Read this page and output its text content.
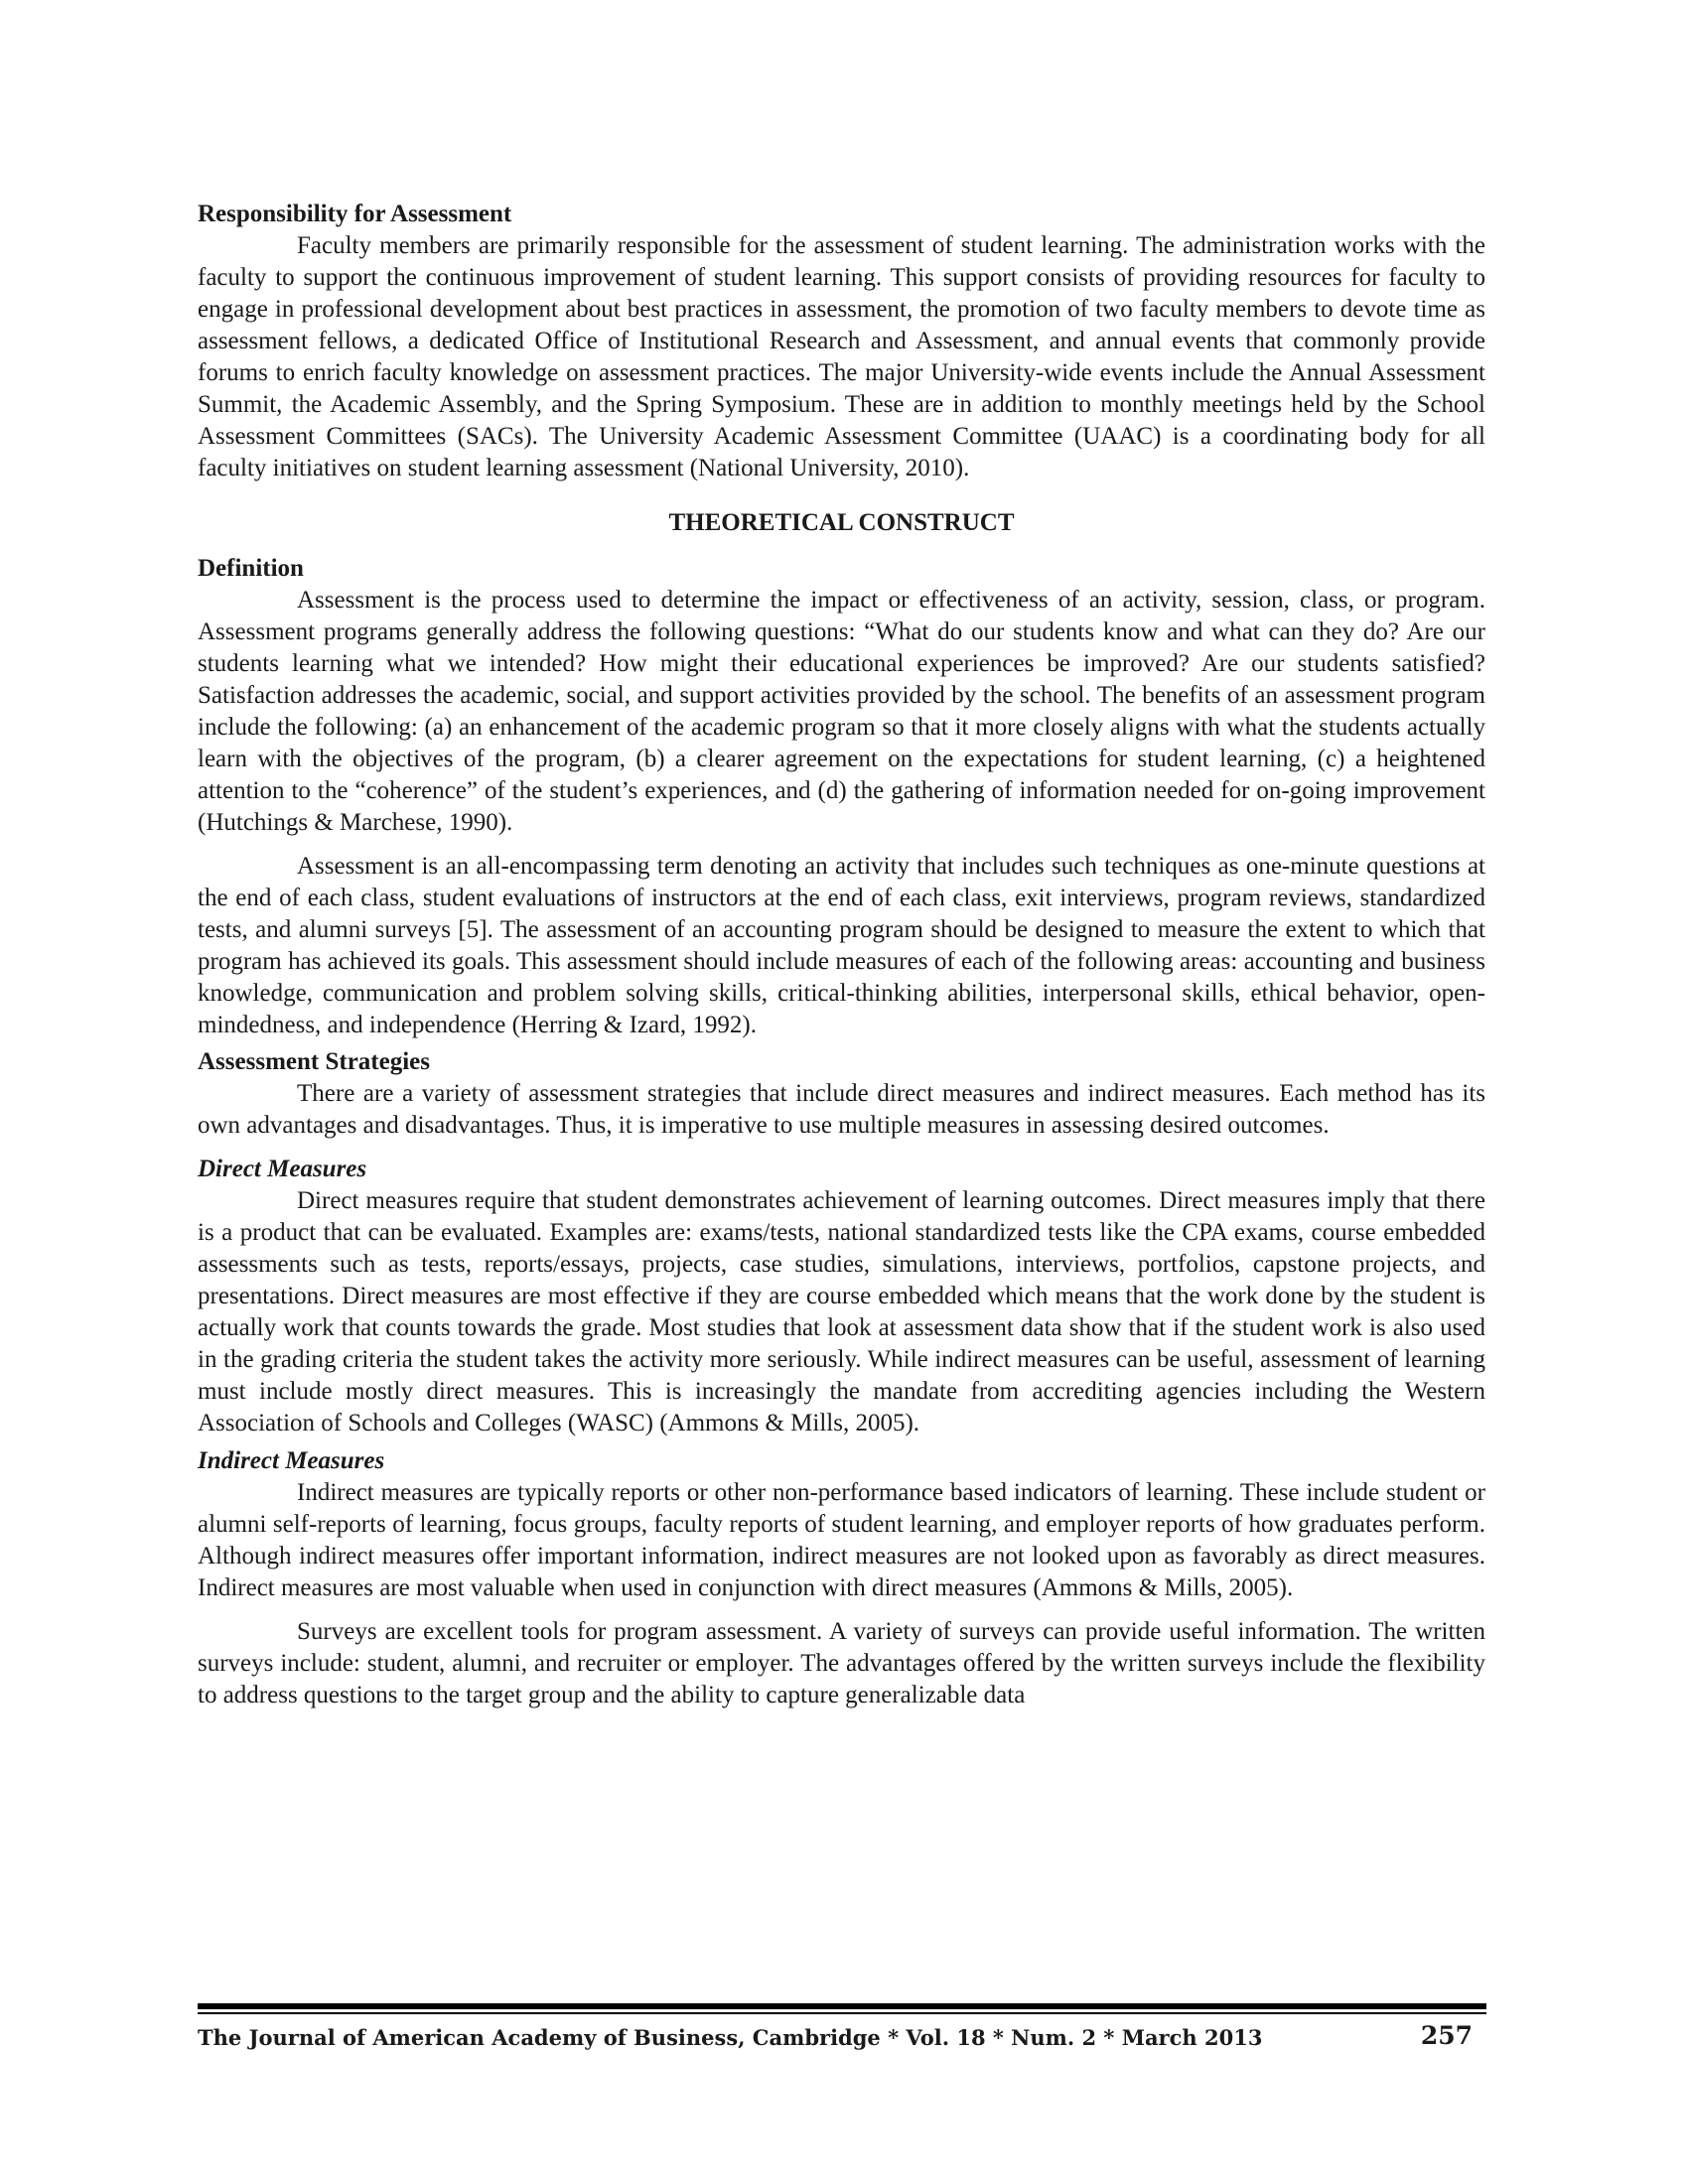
Responsibility for Assessment

Faculty members are primarily responsible for the assessment of student learning. The administration works with the faculty to support the continuous improvement of student learning. This support consists of providing resources for faculty to engage in professional development about best practices in assessment, the promotion of two faculty members to devote time as assessment fellows, a dedicated Office of Institutional Research and Assessment, and annual events that commonly provide forums to enrich faculty knowledge on assessment practices. The major University-wide events include the Annual Assessment Summit, the Academic Assembly, and the Spring Symposium. These are in addition to monthly meetings held by the School Assessment Committees (SACs). The University Academic Assessment Committee (UAAC) is a coordinating body for all faculty initiatives on student learning assessment (National University, 2010).

THEORETICAL CONSTRUCT
Definition

Assessment is the process used to determine the impact or effectiveness of an activity, session, class, or program. Assessment programs generally address the following questions: “What do our students know and what can they do? Are our students learning what we intended? How might their educational experiences be improved? Are our students satisfied? Satisfaction addresses the academic, social, and support activities provided by the school. The benefits of an assessment program include the following: (a) an enhancement of the academic program so that it more closely aligns with what the students actually learn with the objectives of the program, (b) a clearer agreement on the expectations for student learning, (c) a heightened attention to the “coherence” of the student’s experiences, and (d) the gathering of information needed for on-going improvement (Hutchings & Marchese, 1990).

Assessment is an all-encompassing term denoting an activity that includes such techniques as one-minute questions at the end of each class, student evaluations of instructors at the end of each class, exit interviews, program reviews, standardized tests, and alumni surveys [5]. The assessment of an accounting program should be designed to measure the extent to which that program has achieved its goals. This assessment should include measures of each of the following areas: accounting and business knowledge, communication and problem solving skills, critical-thinking abilities, interpersonal skills, ethical behavior, open-mindedness, and independence (Herring & Izard, 1992).

Assessment Strategies

There are a variety of assessment strategies that include direct measures and indirect measures. Each method has its own advantages and disadvantages. Thus, it is imperative to use multiple measures in assessing desired outcomes.

Direct Measures

Direct measures require that student demonstrates achievement of learning outcomes. Direct measures imply that there is a product that can be evaluated. Examples are: exams/tests, national standardized tests like the CPA exams, course embedded assessments such as tests, reports/essays, projects, case studies, simulations, interviews, portfolios, capstone projects, and presentations. Direct measures are most effective if they are course embedded which means that the work done by the student is actually work that counts towards the grade. Most studies that look at assessment data show that if the student work is also used in the grading criteria the student takes the activity more seriously. While indirect measures can be useful, assessment of learning must include mostly direct measures. This is increasingly the mandate from accrediting agencies including the Western Association of Schools and Colleges (WASC) (Ammons & Mills, 2005).

Indirect Measures

Indirect measures are typically reports or other non-performance based indicators of learning. These include student or alumni self-reports of learning, focus groups, faculty reports of student learning, and employer reports of how graduates perform. Although indirect measures offer important information, indirect measures are not looked upon as favorably as direct measures. Indirect measures are most valuable when used in conjunction with direct measures (Ammons & Mills, 2005).

Surveys are excellent tools for program assessment. A variety of surveys can provide useful information. The written surveys include: student, alumni, and recruiter or employer. The advantages offered by the written surveys include the flexibility to address questions to the target group and the ability to capture generalizable data

The Journal of American Academy of Business, Cambridge * Vol. 18 * Num. 2 * March 2013	257
